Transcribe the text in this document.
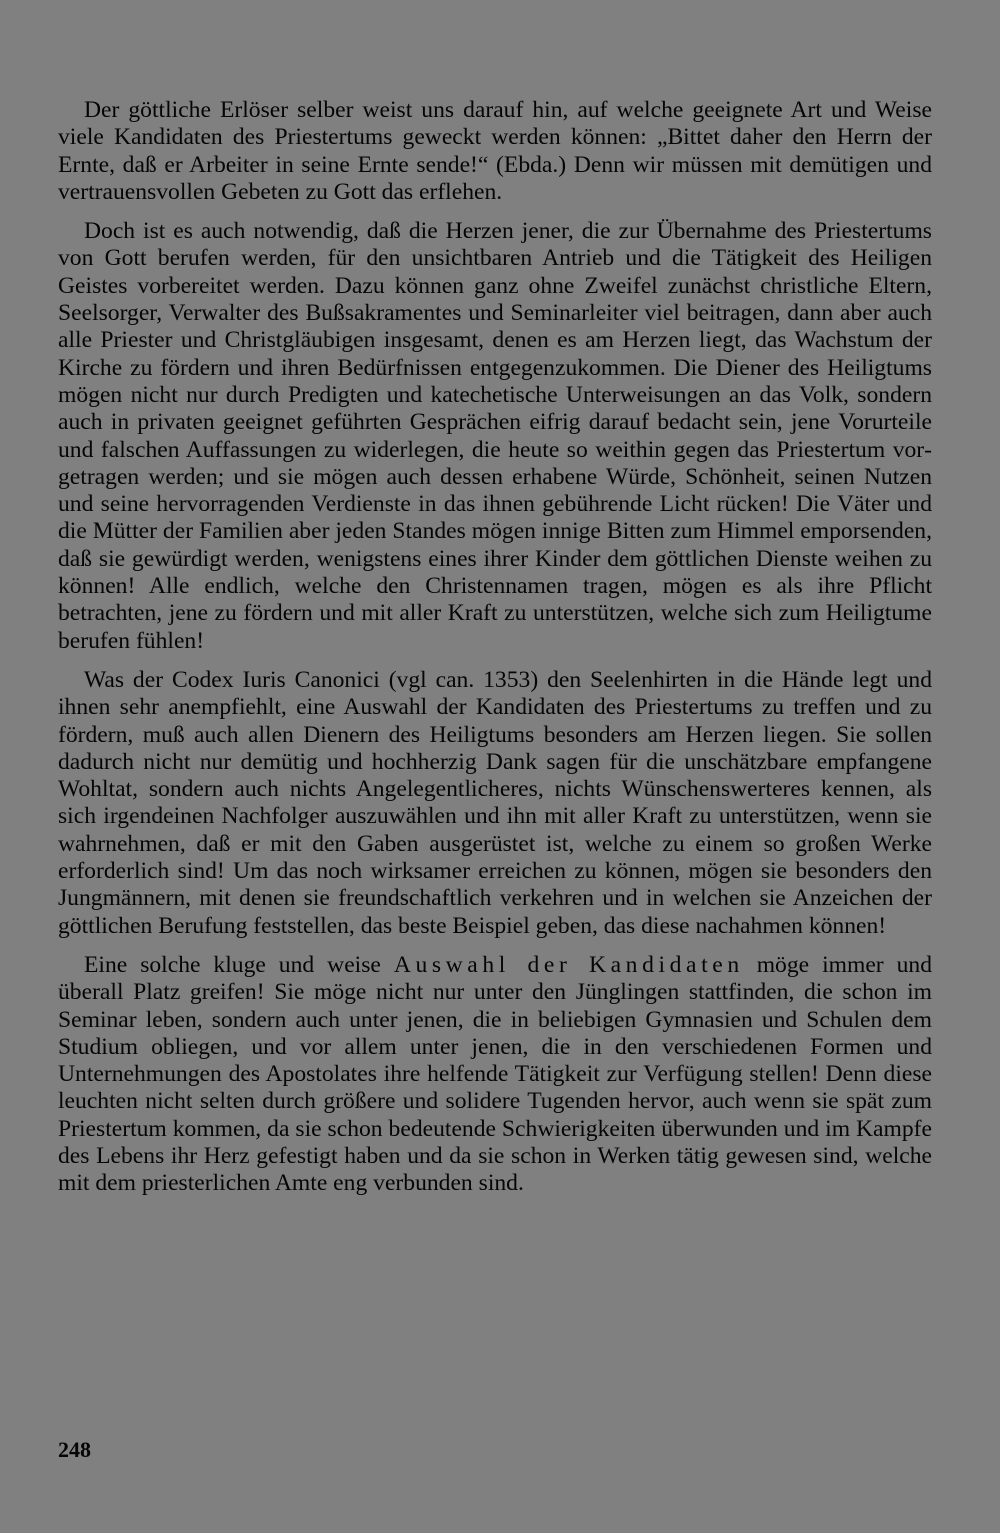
Der göttliche Erlöser selber weist uns darauf hin, auf welche geeignete Art und Weise viele Kandidaten des Priestertums geweckt werden können: „Bittet daher den Herrn der Ernte, daß er Arbeiter in seine Ernte sende!“ (Ebda.) Denn wir müssen mit demütigen und vertrauensvollen Gebeten zu Gott das erflehen.

Doch ist es auch notwendig, daß die Herzen jener, die zur Übernahme des Priestertums von Gott berufen werden, für den unsichtbaren Antrieb und die Tätigkeit des Heiligen Geistes vorbereitet werden. Dazu können ganz ohne Zweifel zunächst christliche Eltern, Seelsorger, Verwalter des Bußsakramentes und Seminarleiter viel beitragen, dann aber auch alle Priester und Christgläubigen insgesamt, denen es am Herzen liegt, das Wachstum der Kirche zu fördern und ihren Bedürfnissen entgegenzukommen. Die Diener des Heiligtums mögen nicht nur durch Predigten und katechetische Unterweisungen an das Volk, sondern auch in privaten geeignet geführten Gesprächen eifrig darauf bedacht sein, jene Vorurteile und falschen Auffassungen zu widerlegen, die heute so weithin gegen das Priestertum vorgetragen werden; und sie mögen auch dessen erhabene Würde, Schönheit, seinen Nutzen und seine hervorragenden Verdienste in das ihnen gebührende Licht rücken! Die Väter und die Mütter der Familien aber jeden Standes mögen innige Bitten zum Himmel emporsenden, daß sie gewürdigt werden, wenigstens eines ihrer Kinder dem göttlichen Dienste weihen zu können! Alle endlich, welche den Christennamen tragen, mögen es als ihre Pflicht betrachten, jene zu fördern und mit aller Kraft zu unterstützen, welche sich zum Heiligtume berufen fühlen!

Was der Codex Iuris Canonici (vgl can. 1353) den Seelenhirten in die Hände legt und ihnen sehr anempfiehlt, eine Auswahl der Kandidaten des Priestertums zu treffen und zu fördern, muß auch allen Dienern des Heiligtums besonders am Herzen liegen. Sie sollen dadurch nicht nur demütig und hochherzig Dank sagen für die unschätzbare empfangene Wohltat, sondern auch nichts Angelegentlicheres, nichts Wünschenswerteres kennen, als sich irgendeinen Nachfolger auszuwählen und ihn mit aller Kraft zu unterstützen, wenn sie wahrnehmen, daß er mit den Gaben ausgerüstet ist, welche zu einem so großen Werke erforderlich sind! Um das noch wirksamer erreichen zu können, mögen sie besonders den Jungmännern, mit denen sie freundschaftlich verkehren und in welchen sie Anzeichen der göttlichen Berufung feststellen, das beste Beispiel geben, das diese nachahmen können!

Eine solche kluge und weise Auswahl der Kandidaten möge immer und überall Platz greifen! Sie möge nicht nur unter den Jünglingen stattfinden, die schon im Seminar leben, sondern auch unter jenen, die in beliebigen Gymnasien und Schulen dem Studium obliegen, und vor allem unter jenen, die in den verschiedenen Formen und Unternehmungen des Apostolates ihre helfende Tätigkeit zur Verfügung stellen! Denn diese leuchten nicht selten durch größere und solidere Tugenden hervor, auch wenn sie spät zum Priestertum kommen, da sie schon bedeutende Schwierigkeiten überwunden und im Kampfe des Lebens ihr Herz gefestigt haben und da sie schon in Werken tätig gewesen sind, welche mit dem priesterlichen Amte eng verbunden sind.

248
